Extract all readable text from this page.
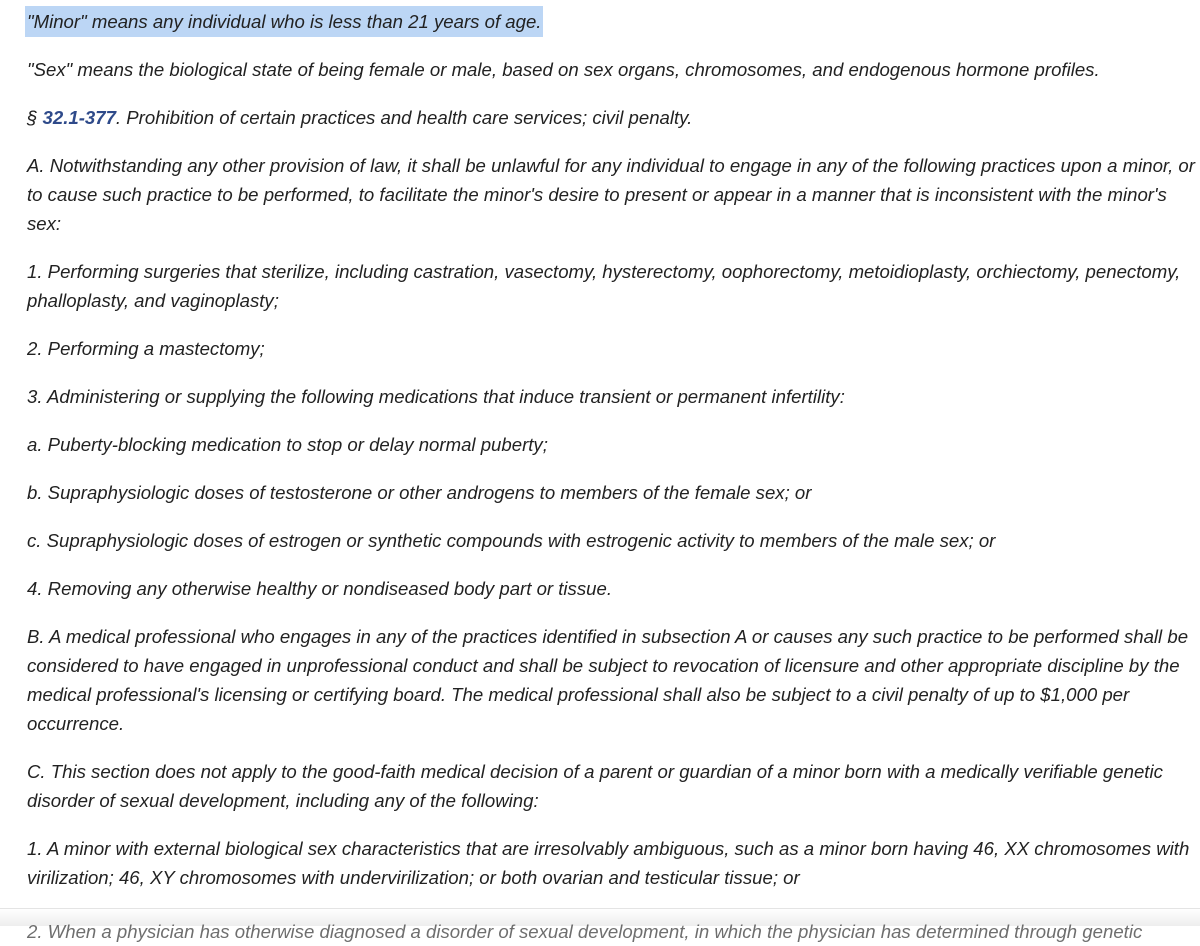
"Minor" means any individual who is less than 21 years of age.

"Sex" means the biological state of being female or male, based on sex organs, chromosomes, and endogenous hormone profiles.

§ 32.1-377. Prohibition of certain practices and health care services; civil penalty.

A. Notwithstanding any other provision of law, it shall be unlawful for any individual to engage in any of the following practices upon a minor, or to cause such practice to be performed, to facilitate the minor's desire to present or appear in a manner that is inconsistent with the minor's sex:

1. Performing surgeries that sterilize, including castration, vasectomy, hysterectomy, oophorectomy, metoidioplasty, orchiectomy, penectomy, phalloplasty, and vaginoplasty;

2. Performing a mastectomy;

3. Administering or supplying the following medications that induce transient or permanent infertility:

a. Puberty-blocking medication to stop or delay normal puberty;

b. Supraphysiologic doses of testosterone or other androgens to members of the female sex; or

c. Supraphysiologic doses of estrogen or synthetic compounds with estrogenic activity to members of the male sex; or

4. Removing any otherwise healthy or nondiseased body part or tissue.

B. A medical professional who engages in any of the practices identified in subsection A or causes any such practice to be performed shall be considered to have engaged in unprofessional conduct and shall be subject to revocation of licensure and other appropriate discipline by the medical professional's licensing or certifying board. The medical professional shall also be subject to a civil penalty of up to $1,000 per occurrence.

C. This section does not apply to the good-faith medical decision of a parent or guardian of a minor born with a medically verifiable genetic disorder of sexual development, including any of the following:

1. A minor with external biological sex characteristics that are irresolvably ambiguous, such as a minor born having 46, XX chromosomes with virilization; 46, XY chromosomes with undervirilization; or both ovarian and testicular tissue; or

2. When a physician has otherwise diagnosed a disorder of sexual development, in which the physician has determined through genetic
